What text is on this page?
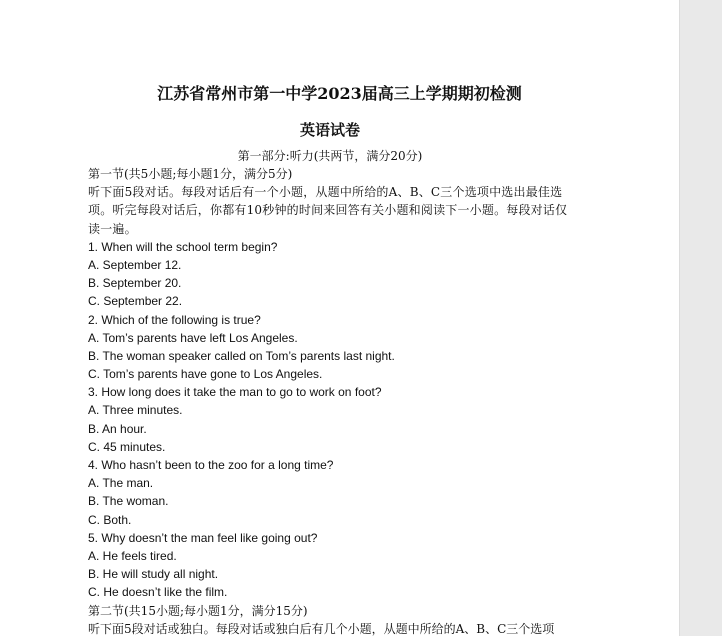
江苏省常州市第一中学2023届高三上学期期初检测
英语试卷
第一部分:听力(共两节，满分20分)
第一节(共5小题;每小题1分，满分5分)
听下面5段对话。每段对话后有一个小题，从题中所给的A、B、C三个选项中选出最佳选项。听完每段对话后，你都有10秒钟的时间来回答有关小题和阅读下一小题。每段对话仅读一遍。
1. When will the school term begin?
A. September 12.
B. September 20.
C. September 22.
2. Which of the following is true?
A. Tom’s parents have left Los Angeles.
B. The woman speaker called on Tom’s parents last night.
C. Tom’s parents have gone to Los Angeles.
3. How long does it take the man to go to work on foot?
A. Three minutes.
B. An hour.
C. 45 minutes.
4. Who hasn’t been to the zoo for a long time?
A. The man.
B. The woman.
C. Both.
5. Why doesn’t the man feel like going out?
A. He feels tired.
B. He will study all night.
C. He doesn’t like the film.
第二节(共15小题;每小题1分，满分15分)
听下面5段对话或独白。每段对话或独白后有几个小题，从题中所给的A、B、C三个选项
